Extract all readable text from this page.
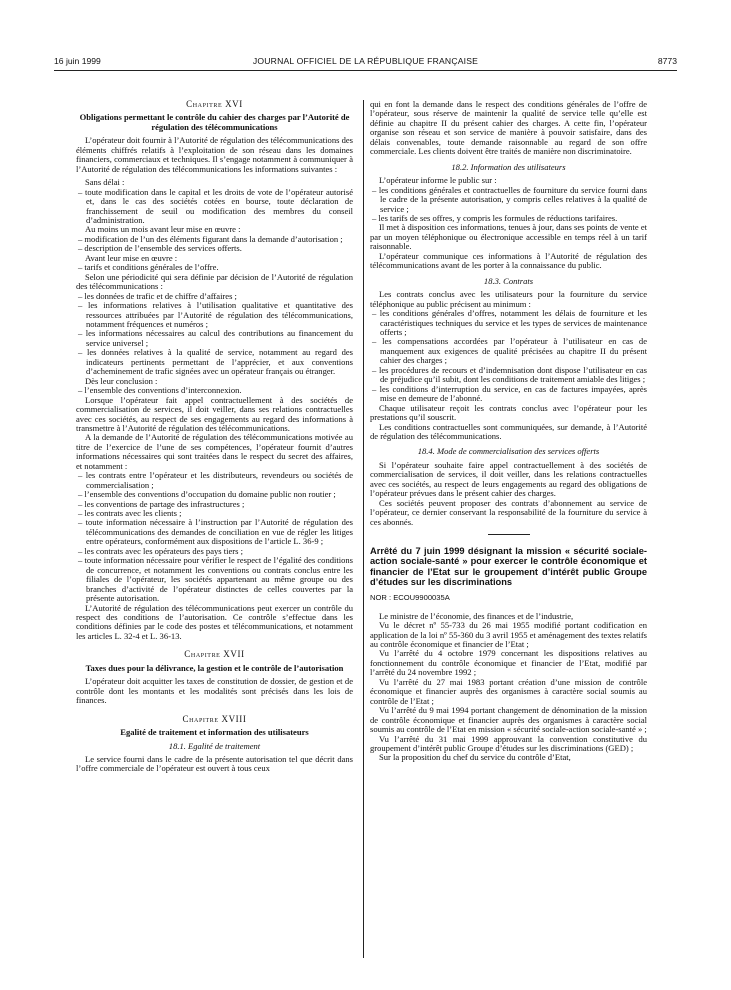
16 juin 1999	JOURNAL OFFICIEL DE LA RÉPUBLIQUE FRANÇAISE	8773

Chapitre XVI

Obligations permettant le contrôle du cahier des charges par l’Autorité de régulation des télécommunications

L’opérateur doit fournir à l’Autorité de régulation des télécommunications des éléments chiffrés relatifs à l’exploitation de son réseau dans les domaines financiers, commerciaux et techniques. Il s’engage notamment à communiquer à l’Autorité de régulation des télécommunications les informations suivantes :

Sans délai :

– toute modification dans le capital et les droits de vote de l’opérateur autorisé et, dans le cas des sociétés cotées en bourse, toute déclaration de franchissement de seuil ou modification des membres du conseil d’administration.

Au moins un mois avant leur mise en œuvre :

– modification de l’un des éléments figurant dans la demande d’autorisation ;

– description de l’ensemble des services offerts.

Avant leur mise en œuvre :

– tarifs et conditions générales de l’offre.

Selon une périodicité qui sera définie par décision de l’Autorité de régulation des télécommunications :

– les données de trafic et de chiffre d’affaires ;

– les informations relatives à l’utilisation qualitative et quantitative des ressources attribuées par l’Autorité de régulation des télécommunications, notamment fréquences et numéros ;

– les informations nécessaires au calcul des contributions au financement du service universel ;

– les données relatives à la qualité de service, notamment au regard des indicateurs pertinents permettant de l’apprécier, et aux conventions d’acheminement de trafic signées avec un opérateur français ou étranger.

Dès leur conclusion :

– l’ensemble des conventions d’interconnexion.

Lorsque l’opérateur fait appel contractuellement à des sociétés de commercialisation de services, il doit veiller, dans ses relations contractuelles avec ces sociétés, au respect de ses engagements au regard des informations à transmettre à l’Autorité de régulation des télécommunications.

A la demande de l’Autorité de régulation des télécommunications motivée au titre de l’exercice de l’une de ses compétences, l’opérateur fournit d’autres informations nécessaires qui sont traitées dans le respect du secret des affaires, et notamment :

– les contrats entre l’opérateur et les distributeurs, revendeurs ou sociétés de commercialisation ;

– l’ensemble des conventions d’occupation du domaine public non routier ;

– les conventions de partage des infrastructures ;

– les contrats avec les clients ;

– toute information nécessaire à l’instruction par l’Autorité de régulation des télécommunications des demandes de conciliation en vue de régler les litiges entre opérateurs, conformément aux dispositions de l’article L. 36-9 ;

– les contrats avec les opérateurs des pays tiers ;

– toute information nécessaire pour vérifier le respect de l’égalité des conditions de concurrence, et notamment les conventions ou contrats conclus entre les filiales de l’opérateur, les sociétés appartenant au même groupe ou des branches d’activité de l’opérateur distinctes de celles couvertes par la présente autorisation.

L’Autorité de régulation des télécommunications peut exercer un contrôle du respect des conditions de l’autorisation. Ce contrôle s’effectue dans les conditions définies par le code des postes et télécommunications, et notamment les articles L. 32-4 et L. 36-13.

Chapitre XVII

Taxes dues pour la délivrance, la gestion et le contrôle de l’autorisation

L’opérateur doit acquitter les taxes de constitution de dossier, de gestion et de contrôle dont les montants et les modalités sont précisés dans les lois de finances.

Chapitre XVIII

Egalité de traitement et information des utilisateurs

18.1. Egalité de traitement

Le service fourni dans le cadre de la présente autorisation tel que décrit dans l’offre commerciale de l’opérateur est ouvert à tous ceux

qui en font la demande dans le respect des conditions générales de l’offre de l’opérateur, sous réserve de maintenir la qualité de service telle qu’elle est définie au chapitre II du présent cahier des charges. A cette fin, l’opérateur organise son réseau et son service de manière à pouvoir satisfaire, dans des délais convenables, toute demande raisonnable au regard de son offre commerciale. Les clients doivent être traités de manière non discriminatoire.

18.2. Information des utilisateurs

L’opérateur informe le public sur :

– les conditions générales et contractuelles de fourniture du service fourni dans le cadre de la présente autorisation, y compris celles relatives à la qualité de service ;

– les tarifs de ses offres, y compris les formules de réductions tarifaires.

Il met à disposition ces informations, tenues à jour, dans ses points de vente et par un moyen téléphonique ou électronique accessible en temps réel à un tarif raisonnable.

L’opérateur communique ces informations à l’Autorité de régulation des télécommunications avant de les porter à la connaissance du public.

18.3. Contrats

Les contrats conclus avec les utilisateurs pour la fourniture du service téléphonique au public précisent au minimum :

– les conditions générales d’offres, notamment les délais de fourniture et les caractéristiques techniques du service et les types de services de maintenance offerts ;

– les compensations accordées par l’opérateur à l’utilisateur en cas de manquement aux exigences de qualité précisées au chapitre II du présent cahier des charges ;

– les procédures de recours et d’indemnisation dont dispose l’utilisateur en cas de préjudice qu’il subit, dont les conditions de traitement amiable des litiges ;

– les conditions d’interruption du service, en cas de factures impayées, après mise en demeure de l’abonné.

Chaque utilisateur reçoit les contrats conclus avec l’opérateur pour les prestations qu’il souscrit.

Les conditions contractuelles sont communiquées, sur demande, à l’Autorité de régulation des télécommunications.

18.4. Mode de commercialisation des services offerts

Si l’opérateur souhaite faire appel contractuellement à des sociétés de commercialisation de services, il doit veiller, dans les relations contractuelles avec ces sociétés, au respect de leurs engagements au regard des obligations de l’opérateur prévues dans le présent cahier des charges.

Ces sociétés peuvent proposer des contrats d’abonnement au service de l’opérateur, ce dernier conservant la responsabilité de la fourniture du service à ces abonnés.

Arrêté du 7 juin 1999 désignant la mission « sécurité sociale-action sociale-santé » pour exercer le contrôle économique et financier de l’Etat sur le groupement d’intérêt public Groupe d’études sur les discriminations

NOR : ECOU9900035A

Le ministre de l’économie, des finances et de l’industrie,

Vu le décret nº 55-733 du 26 mai 1955 modifié portant codification en application de la loi nº 55-360 du 3 avril 1955 et aménagement des textes relatifs au contrôle économique et financier de l’Etat ;

Vu l’arrêté du 4 octobre 1979 concernant les dispositions relatives au fonctionnement du contrôle économique et financier de l’Etat, modifié par l’arrêté du 24 novembre 1992 ;

Vu l’arrêté du 27 mai 1983 portant création d’une mission de contrôle économique et financier auprès des organismes à caractère social soumis au contrôle de l’Etat ;

Vu l’arrêté du 9 mai 1994 portant changement de dénomination de la mission de contrôle économique et financier auprès des organismes à caractère social soumis au contrôle de l’Etat en mission « sécurité sociale-action sociale-santé » ;

Vu l’arrêté du 31 mai 1999 approuvant la convention constitutive du groupement d’intérêt public Groupe d’études sur les discriminations (GED) ;

Sur la proposition du chef du service du contrôle d’Etat,
